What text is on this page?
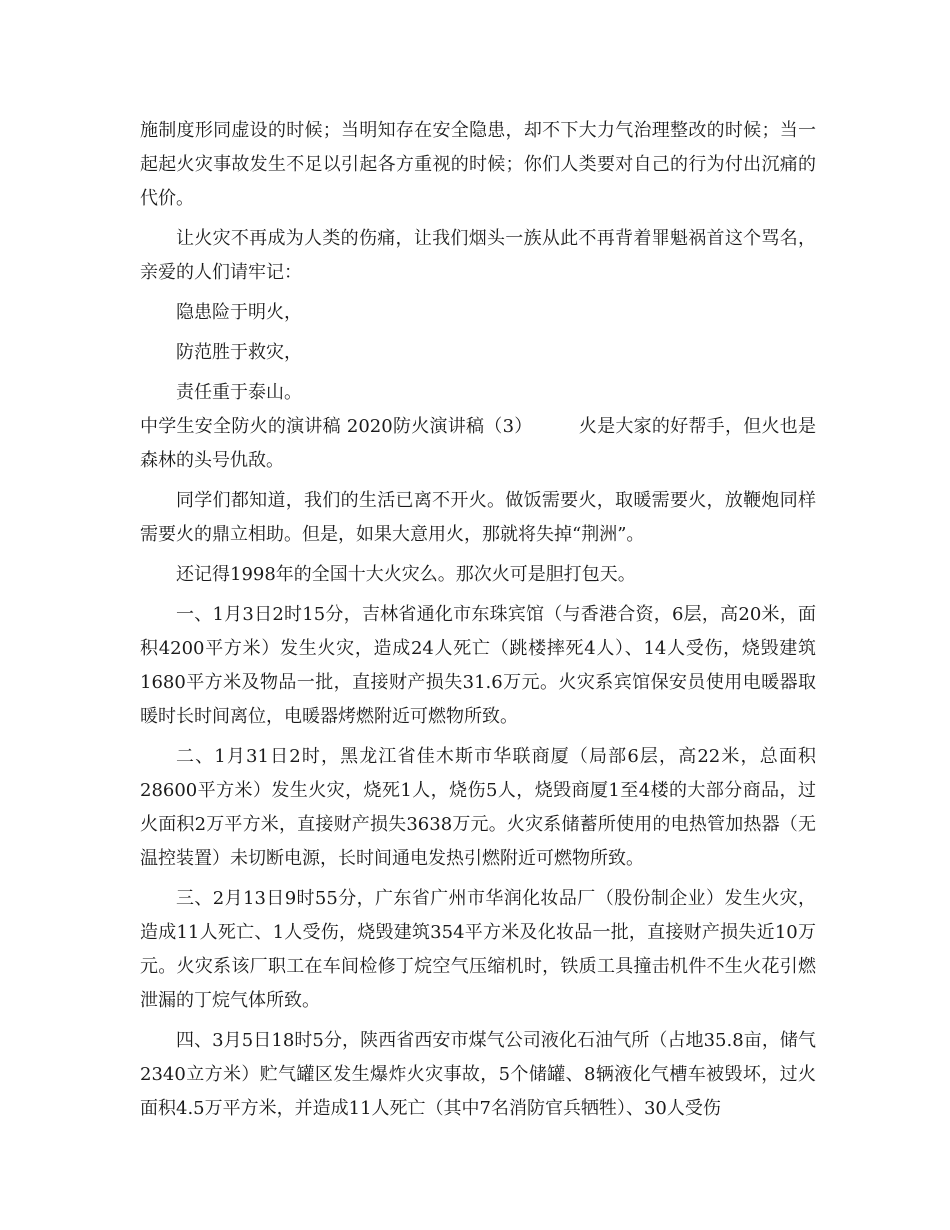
施制度形同虚设的时候；当明知存在安全隐患，却不下大力气治理整改的时候；当一起起火灾事故发生不足以引起各方重视的时候；你们人类要对自己的行为付出沉痛的代价。

让火灾不再成为人类的伤痛，让我们烟头一族从此不再背着罪魁祸首这个骂名，亲爱的人们请牢记：

隐患险于明火，

防范胜于救灾，

责任重于泰山。

中学生安全防火的演讲稿 2020防火演讲稿（3）	火是大家的好帮手，但火也是森林的头号仇敌。

同学们都知道，我们的生活已离不开火。做饭需要火，取暖需要火，放鞭炮同样需要火的鼎立相助。但是，如果大意用火，那就将失掉“荆洲”。

还记得1998年的全国十大火灾么。那次火可是胆打包天。

一、1月3日2时15分，吉林省通化市东珠宾馆（与香港合资，6层，高20米，面积4200平方米）发生火灾，造成24人死亡（跳楼摔死4人）、14人受伤，烧毁建筑1680平方米及物品一批，直接财产损失31.6万元。火灾系宾馆保安员使用电暖器取暖时长时间离位，电暖器烤燃附近可燃物所致。

二、1月31日2时，黑龙江省佳木斯市华联商厦（局部6层，高22米，总面积28600平方米）发生火灾，烧死1人，烧伤5人，烧毁商厦1至4楼的大部分商品，过火面积2万平方米，直接财产损失3638万元。火灾系储蓄所使用的电热管加热器（无温控装置）未切断电源，长时间通电发热引燃附近可燃物所致。

三、2月13日9时55分，广东省广州市华润化妆品厂（股份制企业）发生火灾，造成11人死亡、1人受伤，烧毁建筑354平方米及化妆品一批，直接财产损失近10万元。火灾系该厂职工在车间检修丁烷空气压缩机时，铁质工具撞击机件不生火花引燃泄漏的丁烷气体所致。

四、3月5日18时5分，陕西省西安市煤气公司液化石油气所（占地35.8亩，储气2340立方米）贮气罐区发生爆炸火灾事故，5个储罐、8辆液化气槽车被毁坏，过火面积4.5万平方米，并造成11人死亡（其中7名消防官兵牺牲）、30人受伤
